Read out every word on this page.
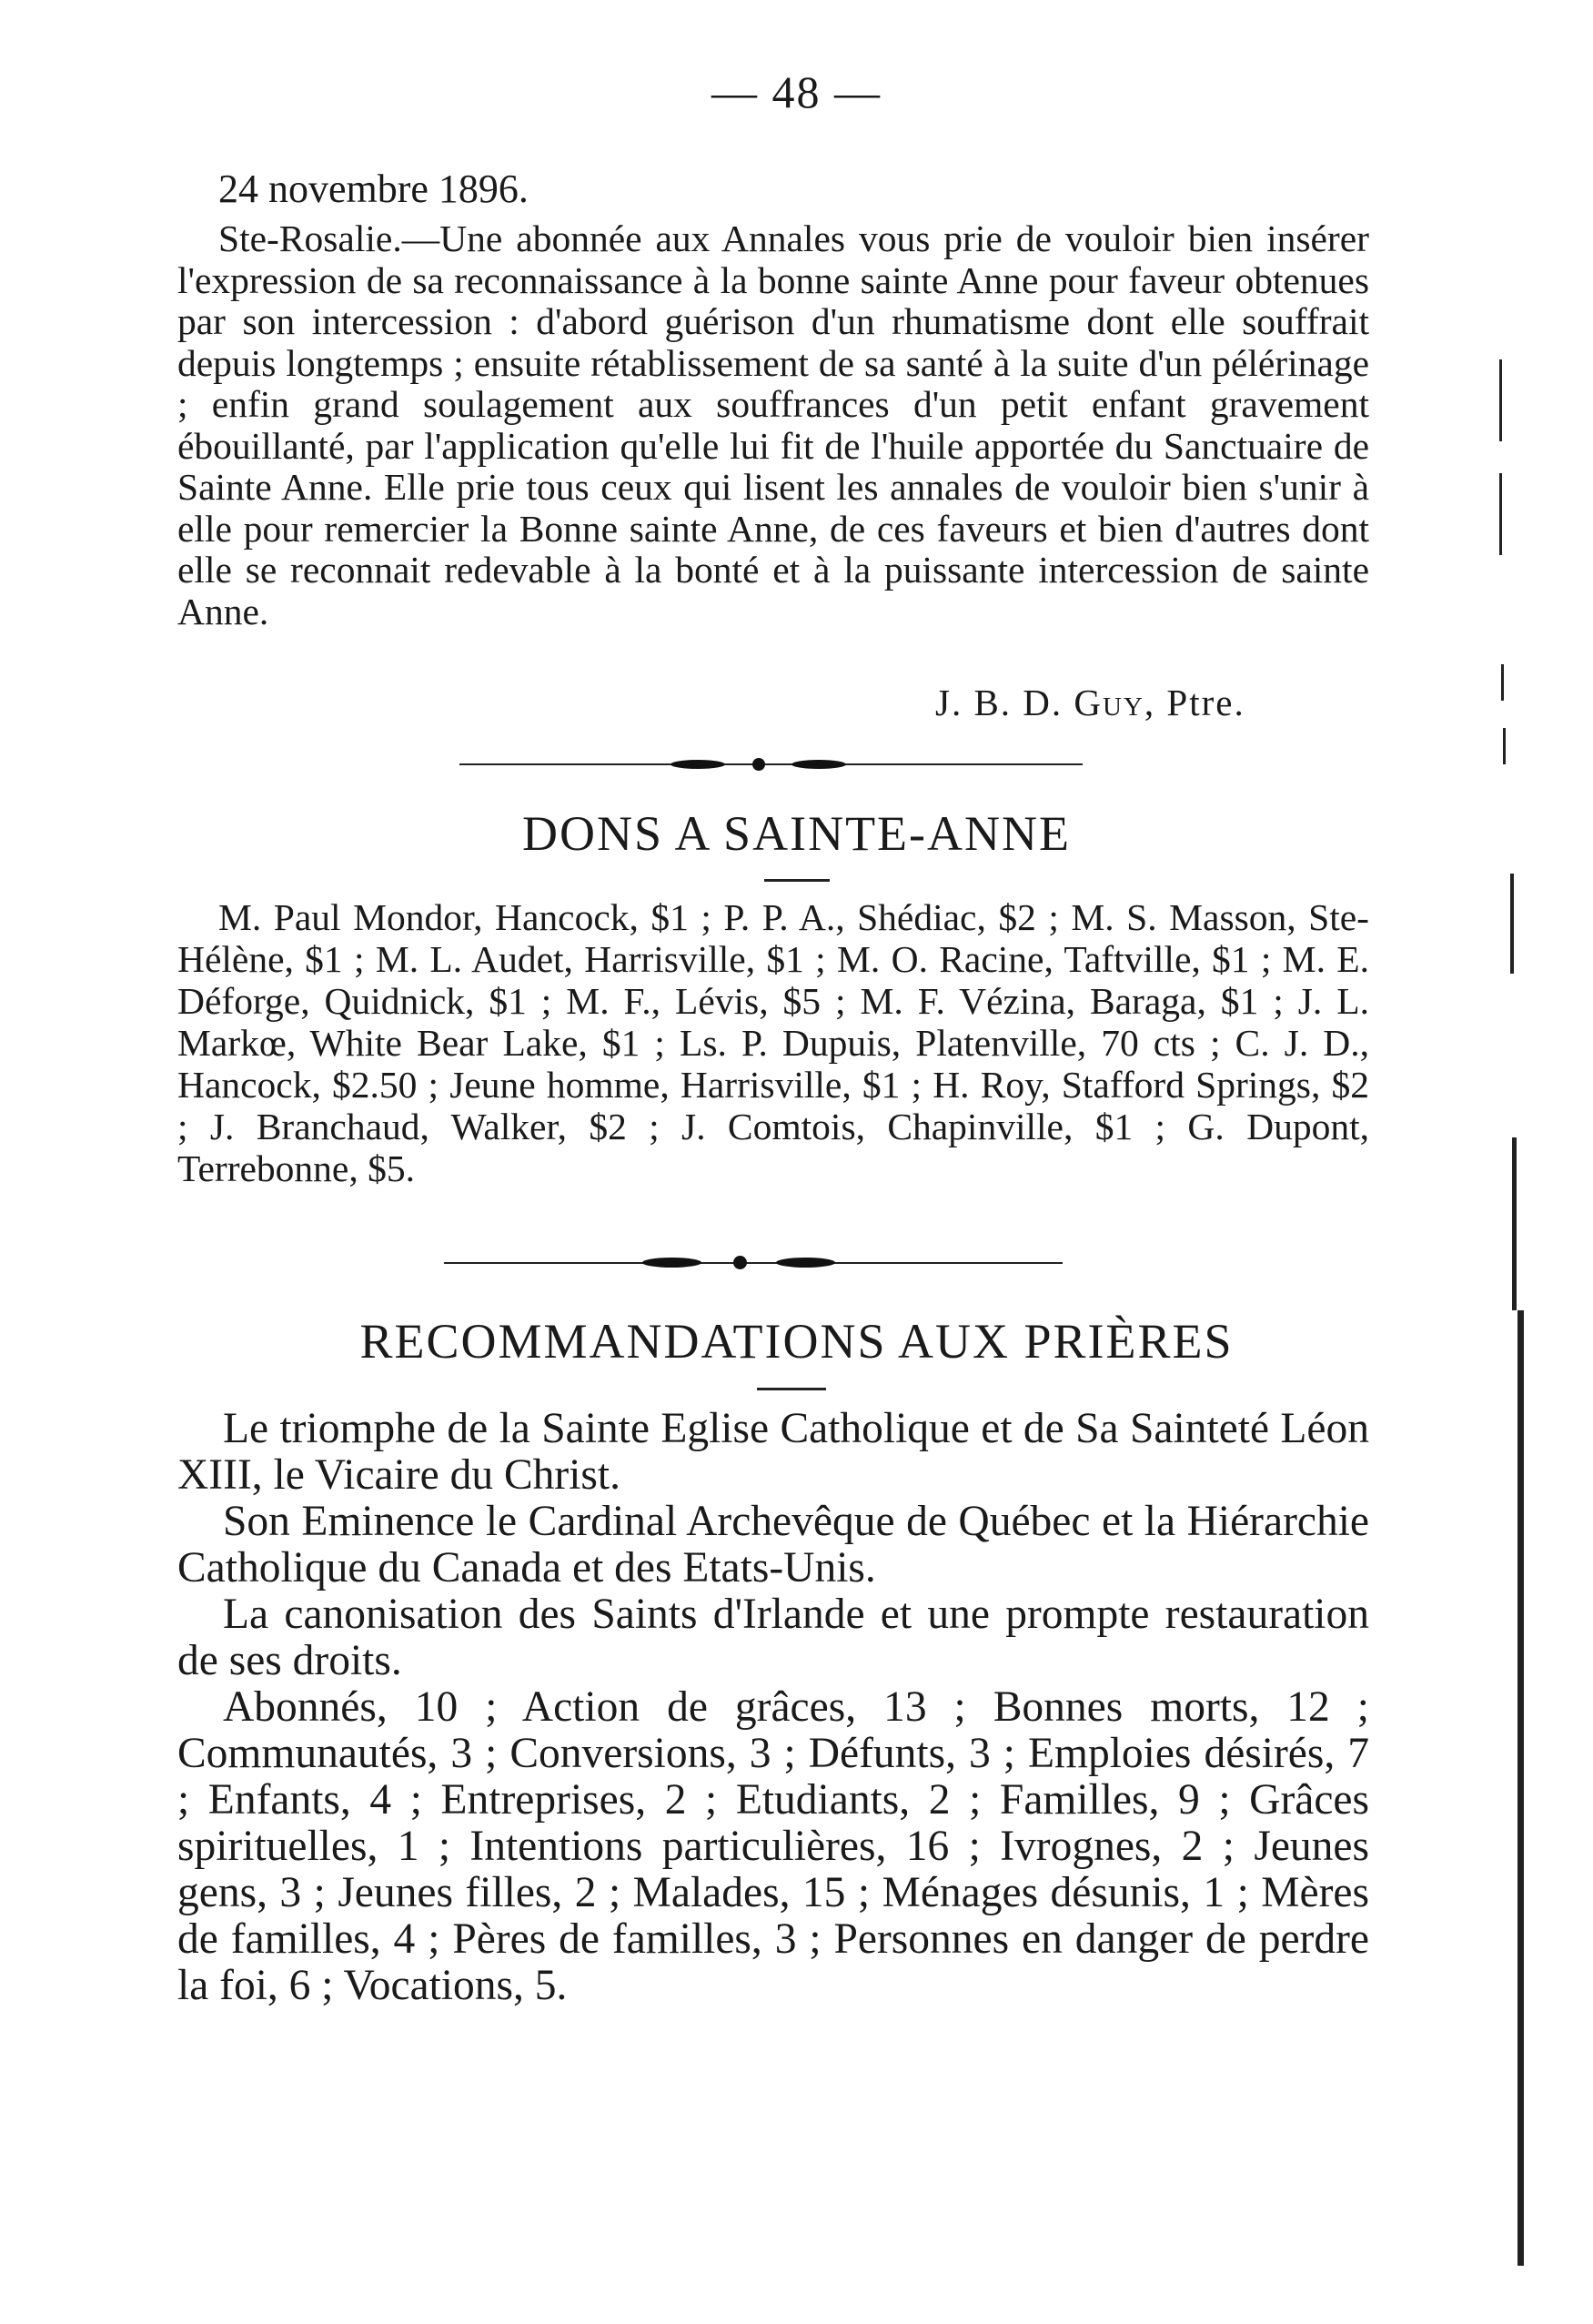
— 48 —
24 novembre 1896.
Ste-Rosalie.—Une abonnée aux Annales vous prie de vouloir bien insérer l'expression de sa reconnaissance à la bonne sainte Anne pour faveur obtenues par son intercession : d'abord guérison d'un rhumatisme dont elle souffrait depuis longtemps ; ensuite rétablissement de sa santé à la suite d'un pélérinage ; enfin grand soulagement aux souffrances d'un petit enfant gravement ébouillanté, par l'application qu'elle lui fit de l'huile apportée du Sanctuaire de Sainte Anne. Elle prie tous ceux qui lisent les annales de vouloir bien s'unir à elle pour remercier la Bonne sainte Anne, de ces faveurs et bien d'autres dont elle se reconnait redevable à la bonté et à la puissante intercession de sainte Anne.
J. B. D. Guy, Ptre.
DONS A SAINTE-ANNE
M. Paul Mondor, Hancock, $1 ; P. P. A., Shédiac, $2 ; M. S. Masson, Ste-Hélène, $1 ; M. L. Audet, Harrisville, $1 ; M. O. Racine, Taftville, $1 ; M. E. Déforge, Quidnick, $1 ; M. F., Lévis, $5 ; M. F. Vézina, Baraga, $1 ; J. L. Markœ, White Bear Lake, $1 ; Ls. P. Dupuis, Platenville, 70 cts ; C. J. D., Hancock, $2.50 ; Jeune homme, Harrisville, $1 ; H. Roy, Stafford Springs, $2 ; J. Branchaud, Walker, $2 ; J. Comtois, Chapinville, $1 ; G. Dupont, Terrebonne, $5.
RECOMMANDATIONS AUX PRIÈRES

Le triomphe de la Sainte Eglise Catholique et de Sa Sainteté Léon XIII, le Vicaire du Christ.

Son Eminence le Cardinal Archevêque de Québec et la Hiérarchie Catholique du Canada et des Etats-Unis.

La canonisation des Saints d'Irlande et une prompte restauration de ses droits.

Abonnés, 10 ; Action de grâces, 13 ; Bonnes morts, 12 ; Communautés, 3 ; Conversions, 3 ; Défunts, 3 ; Emploies désirés, 7 ; Enfants, 4 ; Entreprises, 2 ; Etudiants, 2 ; Familles, 9 ; Grâces spirituelles, 1 ; Intentions particulières, 16 ; Ivrognes, 2 ; Jeunes gens, 3 ; Jeunes filles, 2 ; Malades, 15 ; Ménages désunis, 1 ; Mères de familles, 4 ; Pères de familles, 3 ; Personnes en danger de perdre la foi, 6 ; Vocations, 5.
